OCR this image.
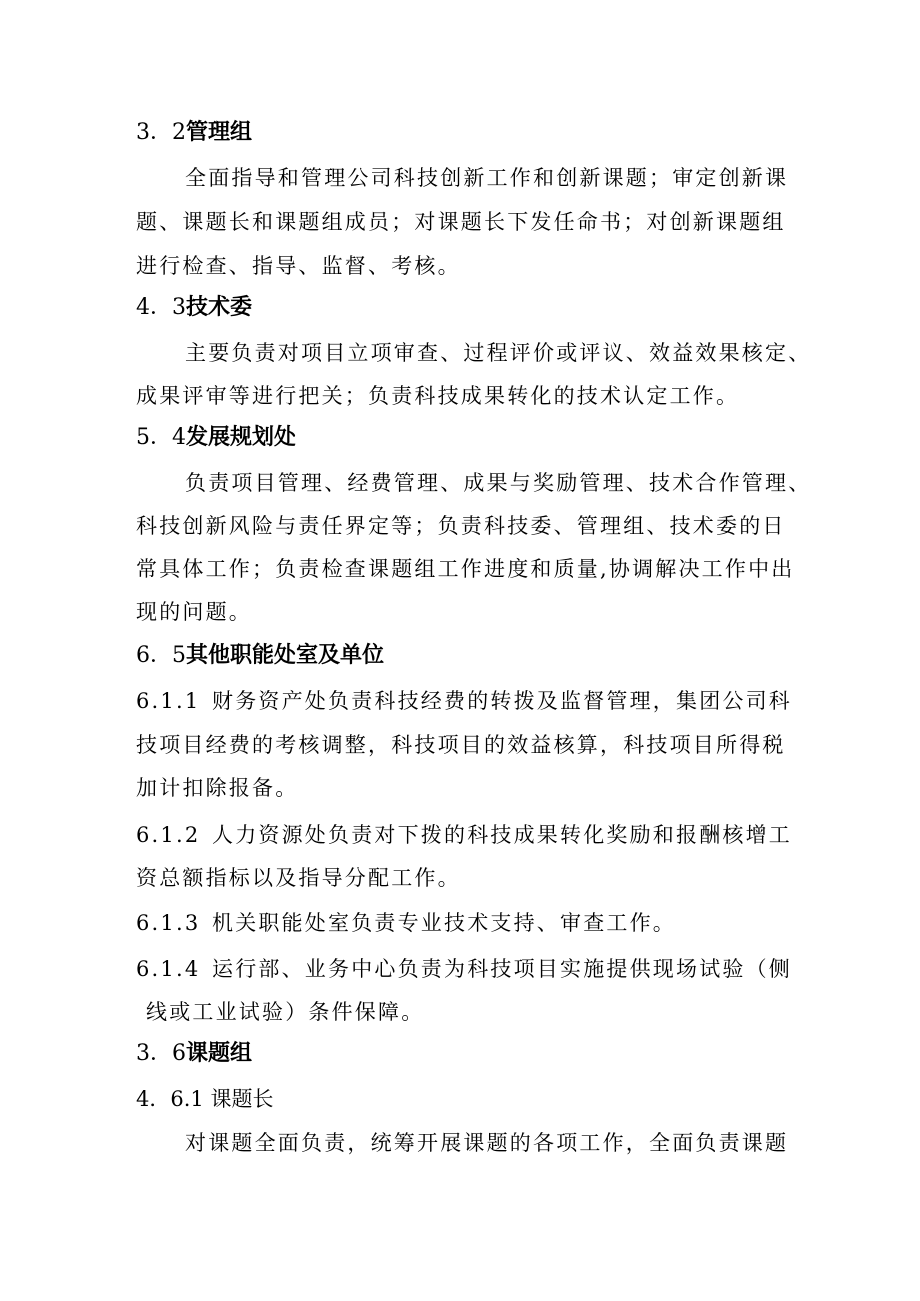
3．2管理组
全面指导和管理公司科技创新工作和创新课题；审定创新课
题、课题长和课题组成员；对课题长下发任命书；对创新课题组
进行检查、指导、监督、考核。
4．3技术委
主要负责对项目立项审查、过程评价或评议、效益效果核定、
成果评审等进行把关；负责科技成果转化的技术认定工作。
5．4发展规划处
负责项目管理、经费管理、成果与奖励管理、技术合作管理、
科技创新风险与责任界定等；负责科技委、管理组、技术委的日
常具体工作；负责检查课题组工作进度和质量,协调解决工作中出
现的问题。
6．5其他职能处室及单位
6.1.1 财务资产处负责科技经费的转拨及监督管理，集团公司科
技项目经费的考核调整，科技项目的效益核算，科技项目所得税
加计扣除报备。
6.1.2 人力资源处负责对下拨的科技成果转化奖励和报酬核增工
资总额指标以及指导分配工作。
6.1.3 机关职能处室负责专业技术支持、审查工作。
6.1.4 运行部、业务中心负责为科技项目实施提供现场试验（侧
线或工业试验）条件保障。
3．6课题组
4．6.1 课题长
对课题全面负责，统筹开展课题的各项工作，全面负责课题
